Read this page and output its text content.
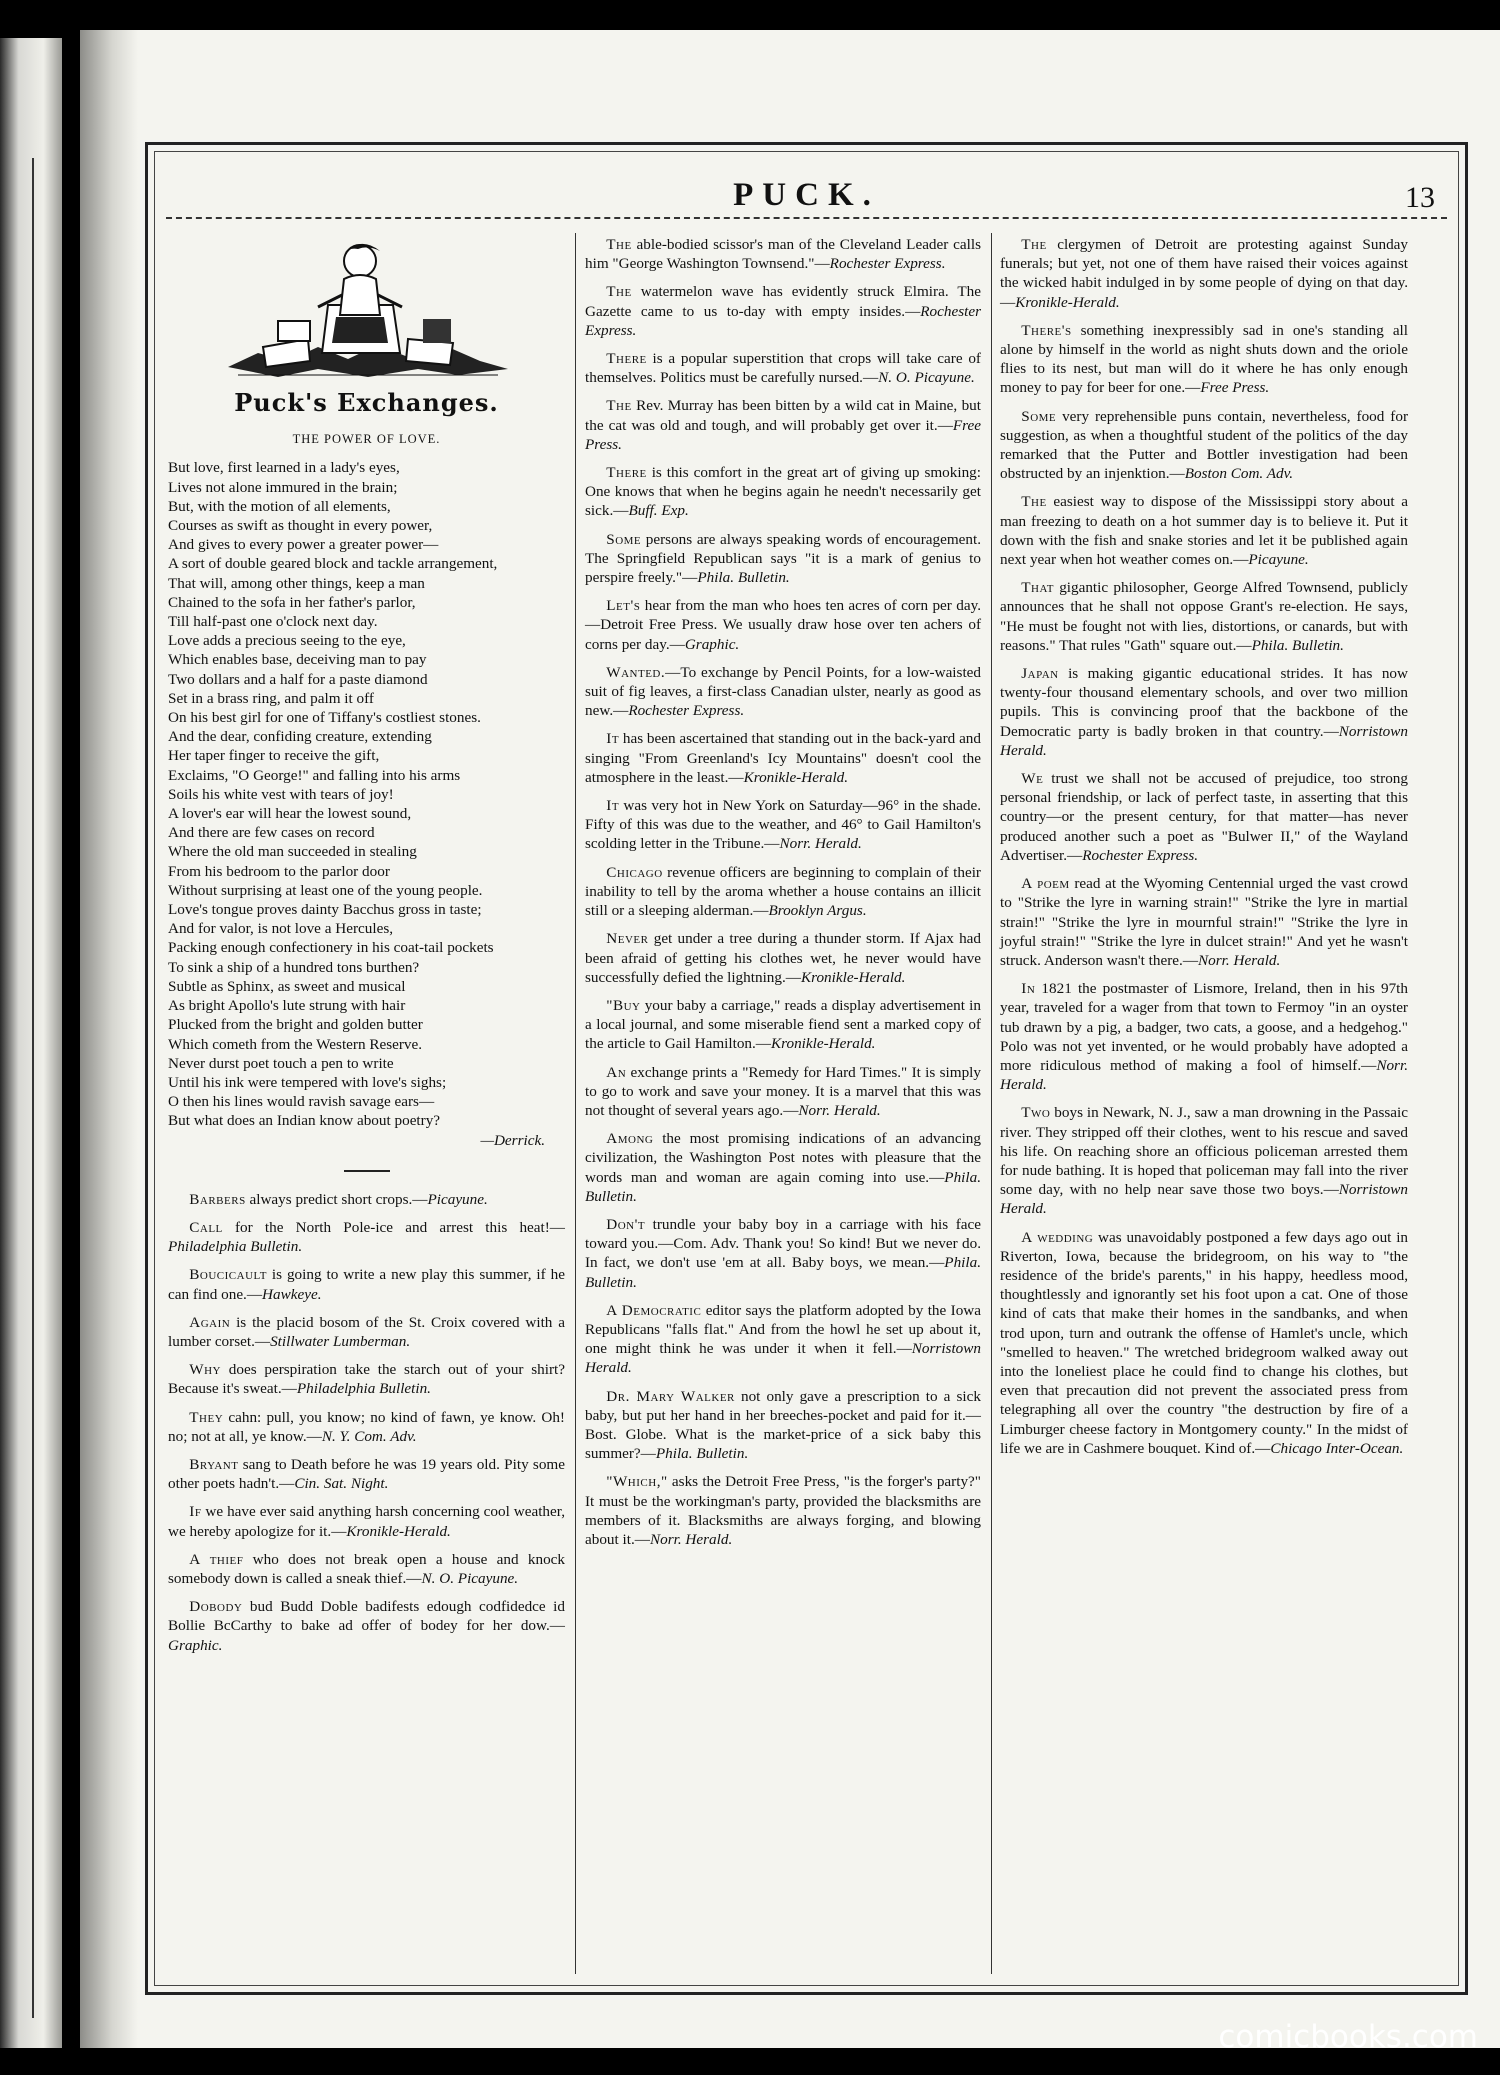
PUCK.	13
Puck's Exchanges.
THE POWER OF LOVE.
But love, first learned in a lady's eyes,
Lives not alone immured in the brain;
But, with the motion of all elements,
Courses as swift as thought in every power,
And gives to every power a greater power—
A sort of double geared block and tackle arrangement,
That will, among other things, keep a man
Chained to the sofa in her father's parlor,
Till half-past one o'clock next day.
Love adds a precious seeing to the eye,
Which enables base, deceiving man to pay
Two dollars and a half for a paste diamond
Set in a brass ring, and palm it off
On his best girl for one of Tiffany's costliest stones.
And the dear, confiding creature, extending
Her taper finger to receive the gift,
Exclaims, "O George!" and falling into his arms
Soils his white vest with tears of joy!
A lover's ear will hear the lowest sound,
And there are few cases on record
Where the old man succeeded in stealing
From his bedroom to the parlor door
Without surprising at least one of the young people.
Love's tongue proves dainty Bacchus gross in taste;
And for valor, is not love a Hercules,
Packing enough confectionery in his coat-tail pockets
To sink a ship of a hundred tons burthen?
Subtle as Sphinx, as sweet and musical
As bright Apollo's lute strung with hair
Plucked from the bright and golden butter
Which cometh from the Western Reserve.
Never durst poet touch a pen to write
Until his ink were tempered with love's sighs;
O then his lines would ravish savage ears—
But what does an Indian know about poetry?
—Derrick.

Barbers always predict short crops.—Picayune.

Call for the North Pole-ice and arrest this heat!—Philadelphia Bulletin.

Boucicault is going to write a new play this summer, if he can find one.—Hawkeye.

Again is the placid bosom of the St. Croix covered with a lumber corset.—Stillwater Lumberman.

Why does perspiration take the starch out of your shirt? Because it's sweat.—Philadelphia Bulletin.

They cahn: pull, you know; no kind of fawn, ye know. Oh! no; not at all, ye know.—N. Y. Com. Adv.

Bryant sang to Death before he was 19 years old. Pity some other poets hadn't.—Cin. Sat. Night.

If we have ever said anything harsh concerning cool weather, we hereby apologize for it.—Kronikle-Herald.

A thief who does not break open a house and knock somebody down is called a sneak thief.—N. O. Picayune.

Dobody bud Budd Doble badifests edough codfidedce id Bollie BcCarthy to bake ad offer of bodey for her dow.—Graphic.

The able-bodied scissor's man of the Cleveland Leader calls him "George Washington Townsend."—Rochester Express.

The watermelon wave has evidently struck Elmira. The Gazette came to us to-day with empty insides.—Rochester Express.

There is a popular superstition that crops will take care of themselves. Politics must be carefully nursed.—N. O. Picayune.

The Rev. Murray has been bitten by a wild cat in Maine, but the cat was old and tough, and will probably get over it.—Free Press.

There is this comfort in the great art of giving up smoking: One knows that when he begins again he needn't necessarily get sick.—Buff. Exp.

Some persons are always speaking words of encouragement. The Springfield Republican says "it is a mark of genius to perspire freely."—Phila. Bulletin.

Let's hear from the man who hoes ten acres of corn per day.—Detroit Free Press. We usually draw hose over ten achers of corns per day.—Graphic.

Wanted.—To exchange by Pencil Points, for a low-waisted suit of fig leaves, a first-class Canadian ulster, nearly as good as new.—Rochester Express.

It has been ascertained that standing out in the back-yard and singing "From Greenland's Icy Mountains" doesn't cool the atmosphere in the least.—Kronikle-Herald.

It was very hot in New York on Saturday—96° in the shade. Fifty of this was due to the weather, and 46° to Gail Hamilton's scolding letter in the Tribune.—Norr. Herald.

Chicago revenue officers are beginning to complain of their inability to tell by the aroma whether a house contains an illicit still or a sleeping alderman.—Brooklyn Argus.

Never get under a tree during a thunder storm. If Ajax had been afraid of getting his clothes wet, he never would have successfully defied the lightning.—Kronikle-Herald.

"Buy your baby a carriage," reads a display advertisement in a local journal, and some miserable fiend sent a marked copy of the article to Gail Hamilton.—Kronikle-Herald.

An exchange prints a "Remedy for Hard Times." It is simply to go to work and save your money. It is a marvel that this was not thought of several years ago.—Norr. Herald.

Among the most promising indications of an advancing civilization, the Washington Post notes with pleasure that the words man and woman are again coming into use.—Phila. Bulletin.

Don't trundle your baby boy in a carriage with his face toward you.—Com. Adv. Thank you! So kind! But we never do. In fact, we don't use 'em at all. Baby boys, we mean.—Phila. Bulletin.

A Democratic editor says the platform adopted by the Iowa Republicans "falls flat." And from the howl he set up about it, one might think he was under it when it fell.—Norristown Herald.

Dr. Mary Walker not only gave a prescription to a sick baby, but put her hand in her breeches-pocket and paid for it.—Bost. Globe. What is the market-price of a sick baby this summer?—Phila. Bulletin.

"Which," asks the Detroit Free Press, "is the forger's party?" It must be the workingman's party, provided the blacksmiths are members of it. Blacksmiths are always forging, and blowing about it.—Norr. Herald.

The clergymen of Detroit are protesting against Sunday funerals; but yet, not one of them have raised their voices against the wicked habit indulged in by some people of dying on that day.—Kronikle-Herald.

There's something inexpressibly sad in one's standing all alone by himself in the world as night shuts down and the oriole flies to its nest, but man will do it where he has only enough money to pay for beer for one.—Free Press.

Some very reprehensible puns contain, nevertheless, food for suggestion, as when a thoughtful student of the politics of the day remarked that the Putter and Bottler investigation had been obstructed by an injenktion.—Boston Com. Adv.

The easiest way to dispose of the Mississippi story about a man freezing to death on a hot summer day is to believe it. Put it down with the fish and snake stories and let it be published again next year when hot weather comes on.—Picayune.

That gigantic philosopher, George Alfred Townsend, publicly announces that he shall not oppose Grant's re-election. He says, "He must be fought not with lies, distortions, or canards, but with reasons." That rules "Gath" square out.—Phila. Bulletin.

Japan is making gigantic educational strides. It has now twenty-four thousand elementary schools, and over two million pupils. This is convincing proof that the backbone of the Democratic party is badly broken in that country.—Norristown Herald.

We trust we shall not be accused of prejudice, too strong personal friendship, or lack of perfect taste, in asserting that this country—or the present century, for that matter—has never produced another such a poet as "Bulwer II," of the Wayland Advertiser.—Rochester Express.

A poem read at the Wyoming Centennial urged the vast crowd to "Strike the lyre in warning strain!" "Strike the lyre in martial strain!" "Strike the lyre in mournful strain!" "Strike the lyre in joyful strain!" "Strike the lyre in dulcet strain!" And yet he wasn't struck. Anderson wasn't there.—Norr. Herald.

In 1821 the postmaster of Lismore, Ireland, then in his 97th year, traveled for a wager from that town to Fermoy "in an oyster tub drawn by a pig, a badger, two cats, a goose, and a hedgehog." Polo was not yet invented, or he would probably have adopted a more ridiculous method of making a fool of himself.—Norr. Herald.

Two boys in Newark, N. J., saw a man drowning in the Passaic river. They stripped off their clothes, went to his rescue and saved his life. On reaching shore an officious policeman arrested them for nude bathing. It is hoped that policeman may fall into the river some day, with no help near save those two boys.—Norristown Herald.

A wedding was unavoidably postponed a few days ago out in Riverton, Iowa, because the bridegroom, on his way to "the residence of the bride's parents," in his happy, heedless mood, thoughtlessly and ignorantly set his foot upon a cat. One of those kind of cats that make their homes in the sandbanks, and when trod upon, turn and outrank the offense of Hamlet's uncle, which "smelled to heaven." The wretched bridegroom walked away out into the loneliest place he could find to change his clothes, but even that precaution did not prevent the associated press from telegraphing all over the country "the destruction by fire of a Limburger cheese factory in Montgomery county." In the midst of life we are in Cashmere bouquet. Kind of.—Chicago Inter-Ocean.

comicbooks.com
